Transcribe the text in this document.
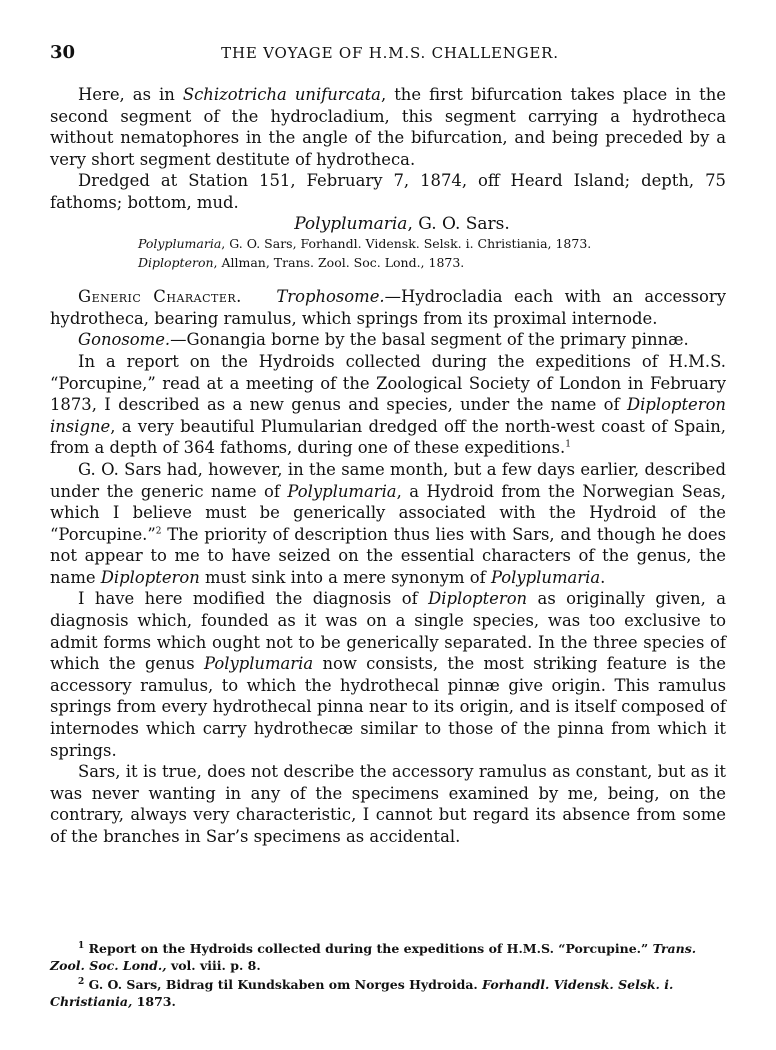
30	THE VOYAGE OF H.M.S. CHALLENGER.

Here, as in Schizotricha unifurcata, the first bifurcation takes place in the second segment of the hydrocladium, this segment carrying a hydrotheca without nematophores in the angle of the bifurcation, and being preceded by a very short segment destitute of hydrotheca.

Dredged at Station 151, February 7, 1874, off Heard Island; depth, 75 fathoms; bottom, mud.

Polyplumaria, G. O. Sars.

Polyplumaria, G. O. Sars, Forhandl. Vidensk. Selsk. i. Christiania, 1873.
Diplopteron, Allman, Trans. Zool. Soc. Lond., 1873.

Generic Character. Trophosome.—Hydrocladia each with an accessory hydrotheca, bearing ramulus, which springs from its proximal internode.

Gonosome.—Gonangia borne by the basal segment of the primary pinnæ.

In a report on the Hydroids collected during the expeditions of H.M.S. “Porcupine,” read at a meeting of the Zoological Society of London in February 1873, I described as a new genus and species, under the name of Diplopteron insigne, a very beautiful Plumularian dredged off the north-west coast of Spain, from a depth of 364 fathoms, during one of these expeditions.$^1$

G. O. Sars had, however, in the same month, but a few days earlier, described under the generic name of Polyplumaria, a Hydroid from the Norwegian Seas, which I believe must be generically associated with the Hydroid of the “Porcupine.”$^2$ The priority of description thus lies with Sars, and though he does not appear to me to have seized on the essential characters of the genus, the name Diplopteron must sink into a mere synonym of Polyplumaria.

I have here modified the diagnosis of Diplopteron as originally given, a diagnosis which, founded as it was on a single species, was too exclusive to admit forms which ought not to be generically separated. In the three species of which the genus Polyplumaria now consists, the most striking feature is the accessory ramulus, to which the hydrothecal pinnæ give origin. This ramulus springs from every hydrothecal pinna near to its origin, and is itself composed of internodes which carry hydrothecæ similar to those of the pinna from which it springs.

Sars, it is true, does not describe the accessory ramulus as constant, but as it was never wanting in any of the specimens examined by me, being, on the contrary, always very characteristic, I cannot but regard its absence from some of the branches in Sar’s specimens as accidental.

$^1$ Report on the Hydroids collected during the expeditions of H.M.S. “Porcupine.” Trans. Zool. Soc. Lond., vol. viii. p. 8.

$^2$ G. O. Sars, Bidrag til Kundskaben om Norges Hydroida. Forhandl. Vidensk. Selsk. i. Christiania, 1873.
